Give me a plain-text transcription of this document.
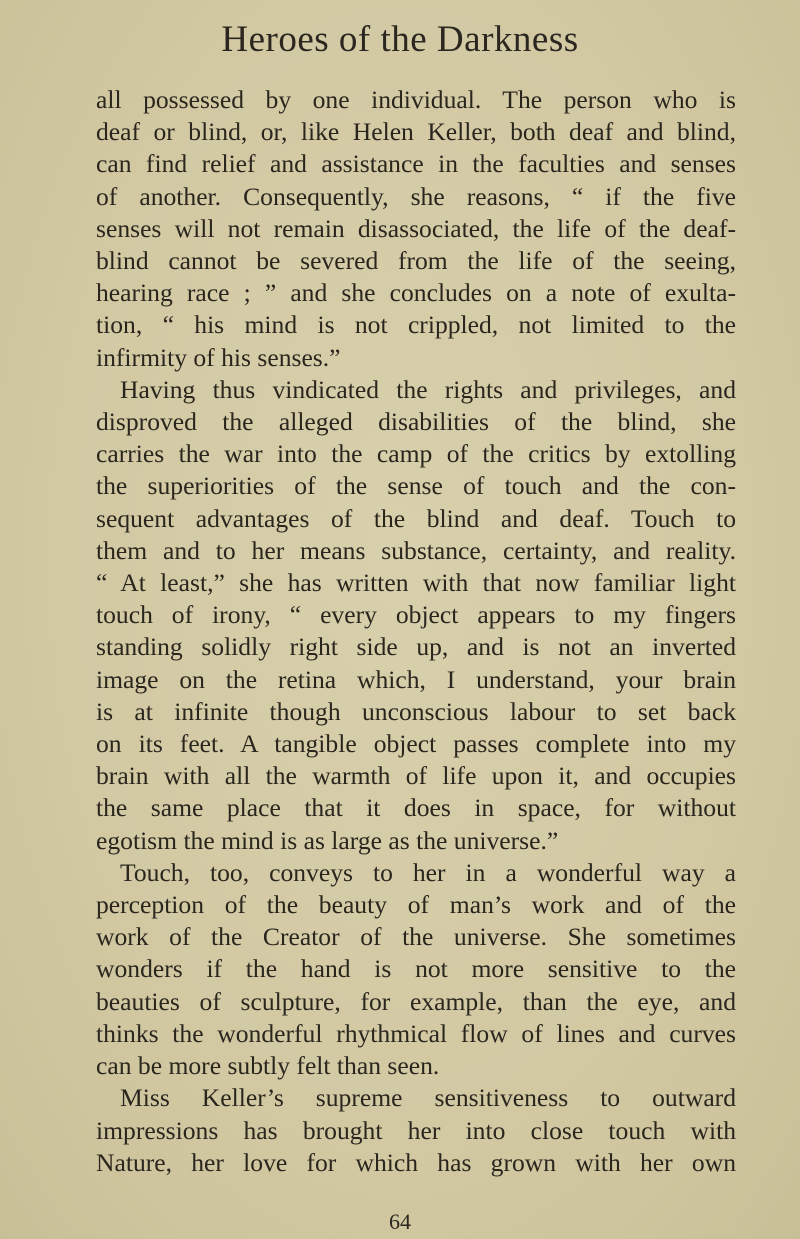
Heroes of the Darkness
all possessed by one individual. The person who is
deaf or blind, or, like Helen Keller, both deaf and blind,
can find relief and assistance in the faculties and senses
of another. Consequently, she reasons, “ if the five
senses will not remain disassociated, the life of the deaf-
blind cannot be severed from the life of the seeing,
hearing race ; ” and she concludes on a note of exulta-
tion, “ his mind is not crippled, not limited to the
infirmity of his senses.”
Having thus vindicated the rights and privileges, and
disproved the alleged disabilities of the blind, she
carries the war into the camp of the critics by extolling
the superiorities of the sense of touch and the con-
sequent advantages of the blind and deaf. Touch to
them and to her means substance, certainty, and reality.
“ At least,” she has written with that now familiar light
touch of irony, “ every object appears to my fingers
standing solidly right side up, and is not an inverted
image on the retina which, I understand, your brain
is at infinite though unconscious labour to set back
on its feet. A tangible object passes complete into my
brain with all the warmth of life upon it, and occupies
the same place that it does in space, for without
egotism the mind is as large as the universe.”
Touch, too, conveys to her in a wonderful way a
perception of the beauty of man’s work and of the
work of the Creator of the universe. She sometimes
wonders if the hand is not more sensitive to the
beauties of sculpture, for example, than the eye, and
thinks the wonderful rhythmical flow of lines and curves
can be more subtly felt than seen.
Miss Keller’s supreme sensitiveness to outward
impressions has brought her into close touch with
Nature, her love for which has grown with her own
64
